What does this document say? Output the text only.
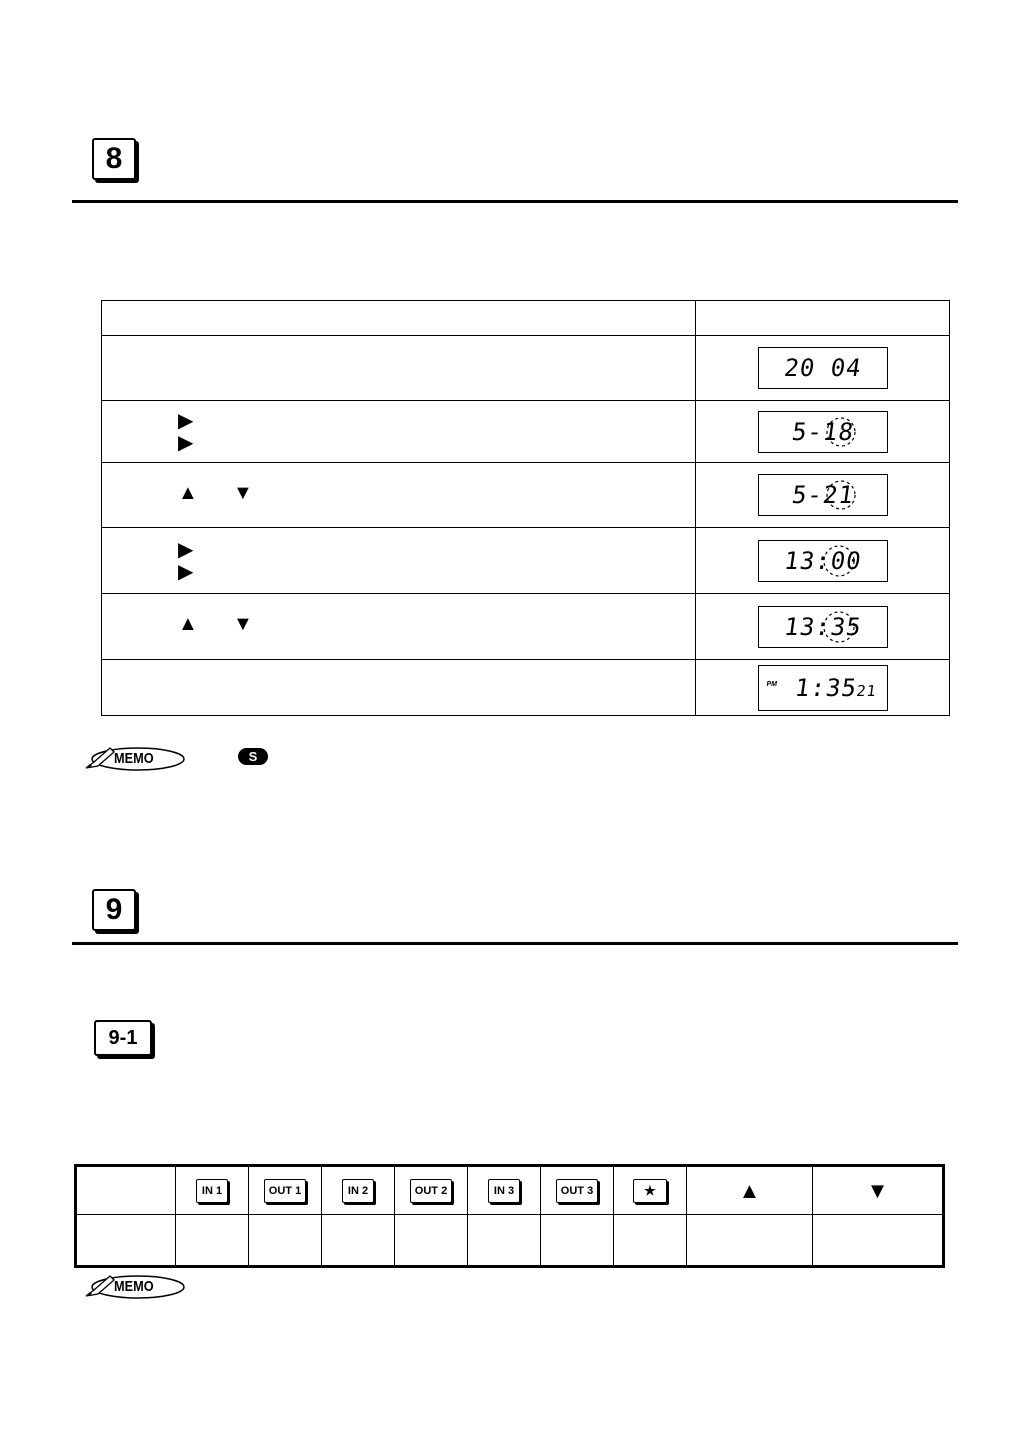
8

	20 04

▶
▶	5-18

▲ ▼	5-21

▶
▶	13:00

▲ ▼	13:35

	PM 1:3521
MEMO	S
9
9-1
	IN 1	OUT 1	IN 2	OUT 2	IN 3	OUT 3	★	▲	▼

MEMO
